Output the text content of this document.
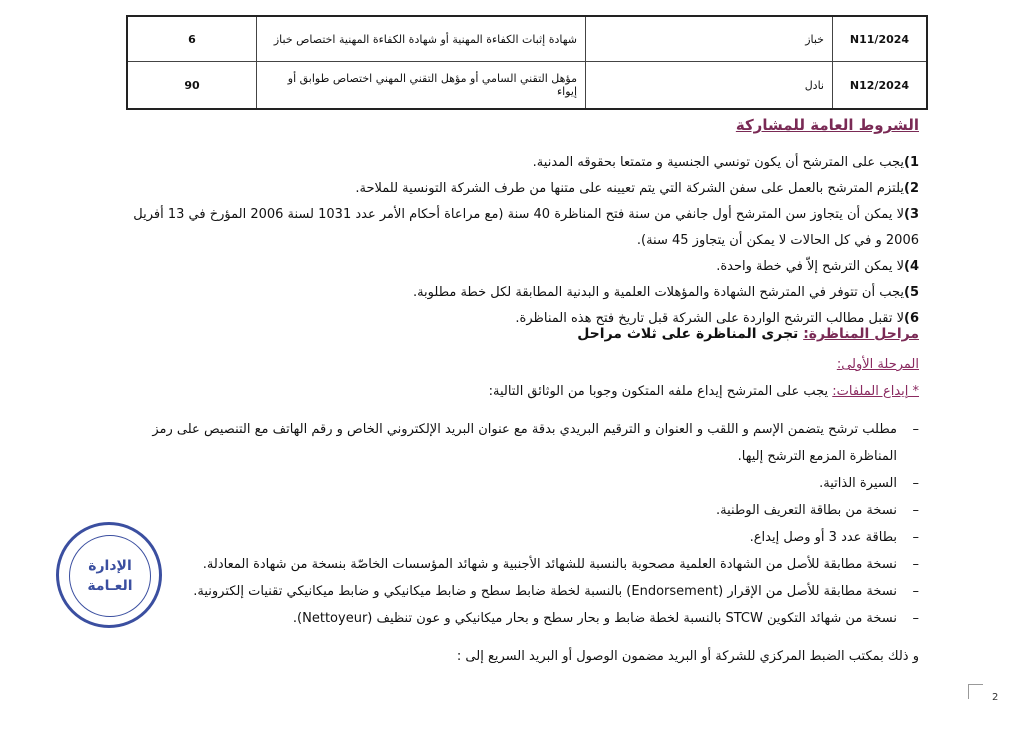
6	شهادة إثبات الكفاءة المهنية أو شهادة الكفاءة المهنية اختصاص خباز	خباز	N11/2024
90	مؤهل التقني السامي أو مؤهل التقني المهني اختصاص طوابق أو إيواء	نادل	N12/2024
الشروط العامة للمشاركة

1)يجب على المترشح أن يكون تونسي الجنسية و متمتعا بحقوقه المدنية.

2)يلتزم المترشح بالعمل على سفن الشركة التي يتم تعيينه على متنها من طرف الشركة التونسية للملاحة.

3)لا يمكن أن يتجاوز سن المترشح أول جانفي من سنة فتح المناظرة 40 سنة (مع مراعاة أحكام الأمر عدد 1031 لسنة 2006 المؤرخ في 13 أفريل 2006 و في كل الحالات لا يمكن أن يتجاوز 45 سنة).

4)لا يمكن الترشح إلاّ في خطة واحدة.

5)يجب أن تتوفر في المترشح الشهادة والمؤهلات العلمية و البدنية المطابقة لكل خطة مطلوبة.

6)لا تقبل مطالب الترشح الواردة على الشركة قبل تاريخ فتح هذه المناظرة.

مراحل المناظرة: تجرى المناظرة على ثلاث مراحل
المرحلة الأولى:
* إيداع الملفات: يجب على المترشح إيداع ملفه المتكون وجوبا من الوثائق التالية:
– مطلب ترشح يتضمن الإسم و اللقب و العنوان و الترقيم البريدي بدقة مع عنوان البريد الإلكتروني الخاص و رقم الهاتف مع التنصيص على رمز المناظرة المزمع الترشح إليها.
– السيرة الذاتية.
– نسخة من بطاقة التعريف الوطنية.
– بطاقة عدد 3 أو وصل إيداع.
– نسخة مطابقة للأصل من الشهادة العلمية مصحوبة بالنسبة للشهائد الأجنبية و شهائد المؤسسات الخاصّة بنسخة من شهادة المعادلة.
– نسخة مطابقة للأصل من الإقرار (Endorsement) بالنسبة لخطة ضابط سطح و ضابط ميكانيكي و ضابط ميكانيكي تقنيات إلكترونية.
– نسخة من شهائد التكوين STCW بالنسبة لخطة ضابط و بحار سطح و بحار ميكانيكي و عون تنظيف (Nettoyeur).
و ذلك بمكتب الضبط المركزي للشركة أو البريد مضمون الوصول أو البريد السريع إلى :
الإدارة
العـامة
2
